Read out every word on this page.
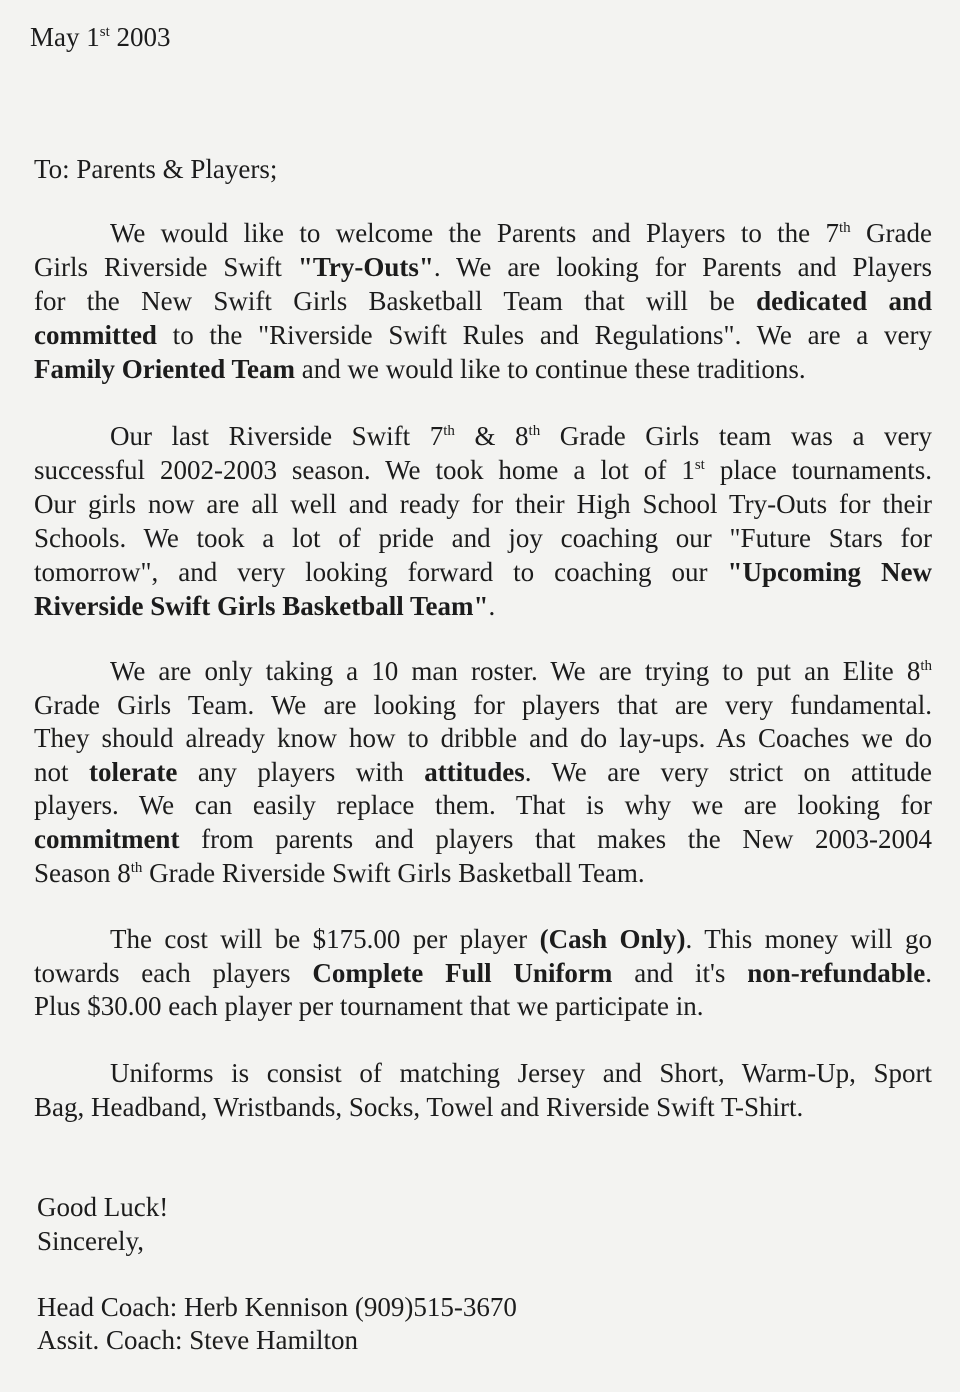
May 1st 2003
To: Parents & Players;
We would like to welcome the Parents and Players to the 7th Grade
Girls Riverside Swift "Try-Outs". We are looking for Parents and Players
for the New Swift Girls Basketball Team that will be dedicated and
committed to the "Riverside Swift Rules and Regulations". We are a very
Family Oriented Team and we would like to continue these traditions.
Our last Riverside Swift 7th & 8th Grade Girls team was a very
successful 2002-2003 season. We took home a lot of 1st place tournaments.
Our girls now are all well and ready for their High School Try-Outs for their
Schools. We took a lot of pride and joy coaching our "Future Stars for
tomorrow", and very looking forward to coaching our "Upcoming New
Riverside Swift Girls Basketball Team".
We are only taking a 10 man roster. We are trying to put an Elite 8th
Grade Girls Team. We are looking for players that are very fundamental.
They should already know how to dribble and do lay-ups. As Coaches we do
not tolerate any players with attitudes. We are very strict on attitude
players. We can easily replace them. That is why we are looking for
commitment from parents and players that makes the New 2003-2004
Season 8th Grade Riverside Swift Girls Basketball Team.
The cost will be $175.00 per player (Cash Only). This money will go
towards each players Complete Full Uniform and it's non-refundable.
Plus $30.00 each player per tournament that we participate in.
Uniforms is consist of matching Jersey and Short, Warm-Up, Sport
Bag, Headband, Wristbands, Socks, Towel and Riverside Swift T-Shirt.
Good Luck!
Sincerely,
Head Coach: Herb Kennison (909)515-3670
Assit. Coach: Steve Hamilton
